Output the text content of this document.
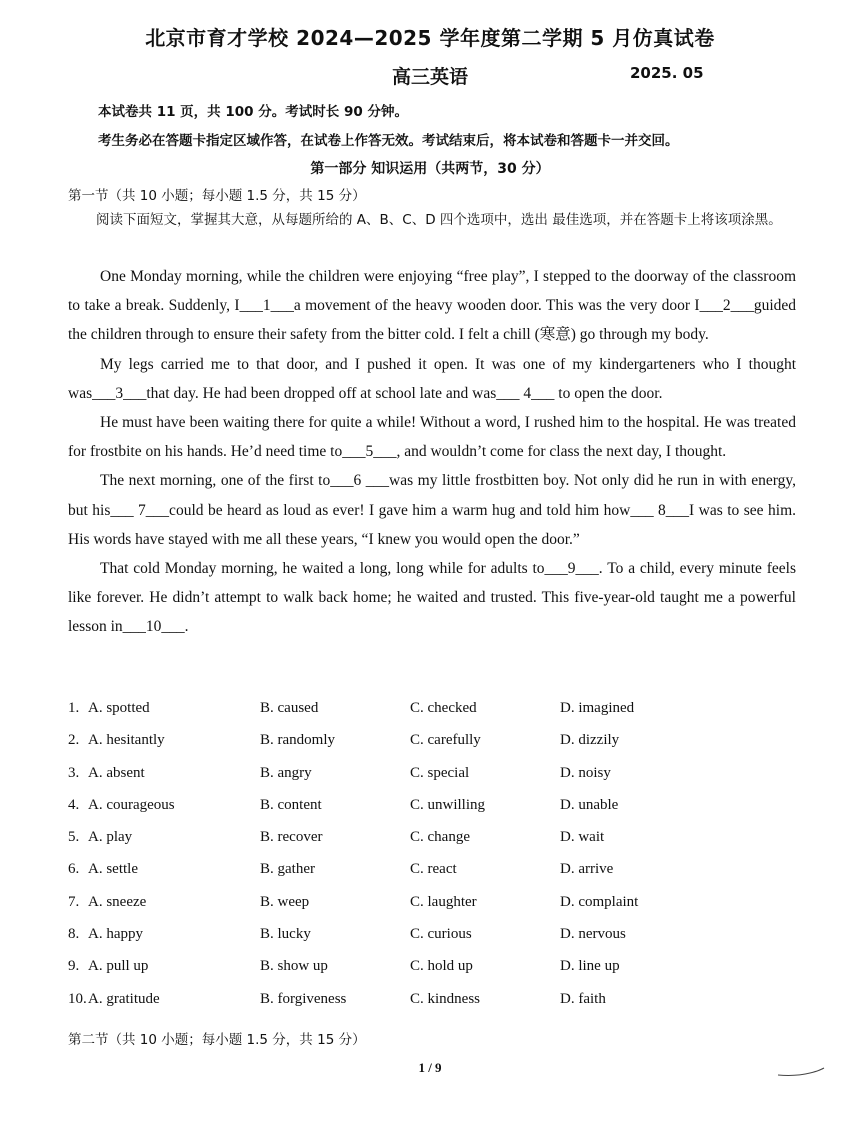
北京市育才学校 2024—2025 学年度第二学期 5 月仿真试卷
高三英语	2025. 05
本试卷共 11 页，共 100 分。考试时长 90 分钟。
考生务必在答题卡指定区域作答，在试卷上作答无效。考试结束后，将本试卷和答题卡一并交回。
第一部分 知识运用（共两节，30 分）
第一节（共 10 小题；每小题 1.5 分，共 15 分）
阅读下面短文，掌握其大意，从每题所给的 A、B、C、D 四个选项中，选出 最佳选项，并在答题卡上将该项涂黑。

One Monday morning, while the children were enjoying “free play”, I stepped to the doorway of the classroom to take a break. Suddenly, I___1___a movement of the heavy wooden door. This was the very door I___2___guided the children through to ensure their safety from the bitter cold. I felt a chill (寒意) go through my body.

My legs carried me to that door, and I pushed it open. It was one of my kindergarteners who I thought was___3___that day. He had been dropped off at school late and was___ 4___ to open the door.

He must have been waiting there for quite a while! Without a word, I rushed him to the hospital. He was treated for frostbite on his hands. He’d need time to___5___, and wouldn’t come for class the next day, I thought.

The next morning, one of the first to___6 ___was my little frostbitten boy. Not only did he run in with energy, but his___ 7___could be heard as loud as ever! I gave him a warm hug and told him how___ 8___I was to see him. His words have stayed with me all these years, “I knew you would open the door.”

That cold Monday morning, he waited a long, long while for adults to___9___. To a child, every minute feels like forever. He didn’t attempt to walk back home; he waited and trusted. This five-year-old taught me a powerful lesson in___10___.

1. A. spotted	B. caused	C. checked	D. imagined
2. A. hesitantly	B. randomly	C. carefully	D. dizzily
3. A. absent	B. angry	C. special	D. noisy
4. A. courageous	B. content	C. unwilling	D. unable
5. A. play	B. recover	C. change	D. wait
6. A. settle	B. gather	C. react	D. arrive
7. A. sneeze	B. weep	C. laughter	D. complaint
8. A. happy	B. lucky	C. curious	D. nervous
9. A. pull up	B. show up	C. hold up	D. line up
10. A. gratitude	B. forgiveness	C. kindness	D. faith
第二节（共 10 小题；每小题 1.5 分，共 15 分）
1 / 9
